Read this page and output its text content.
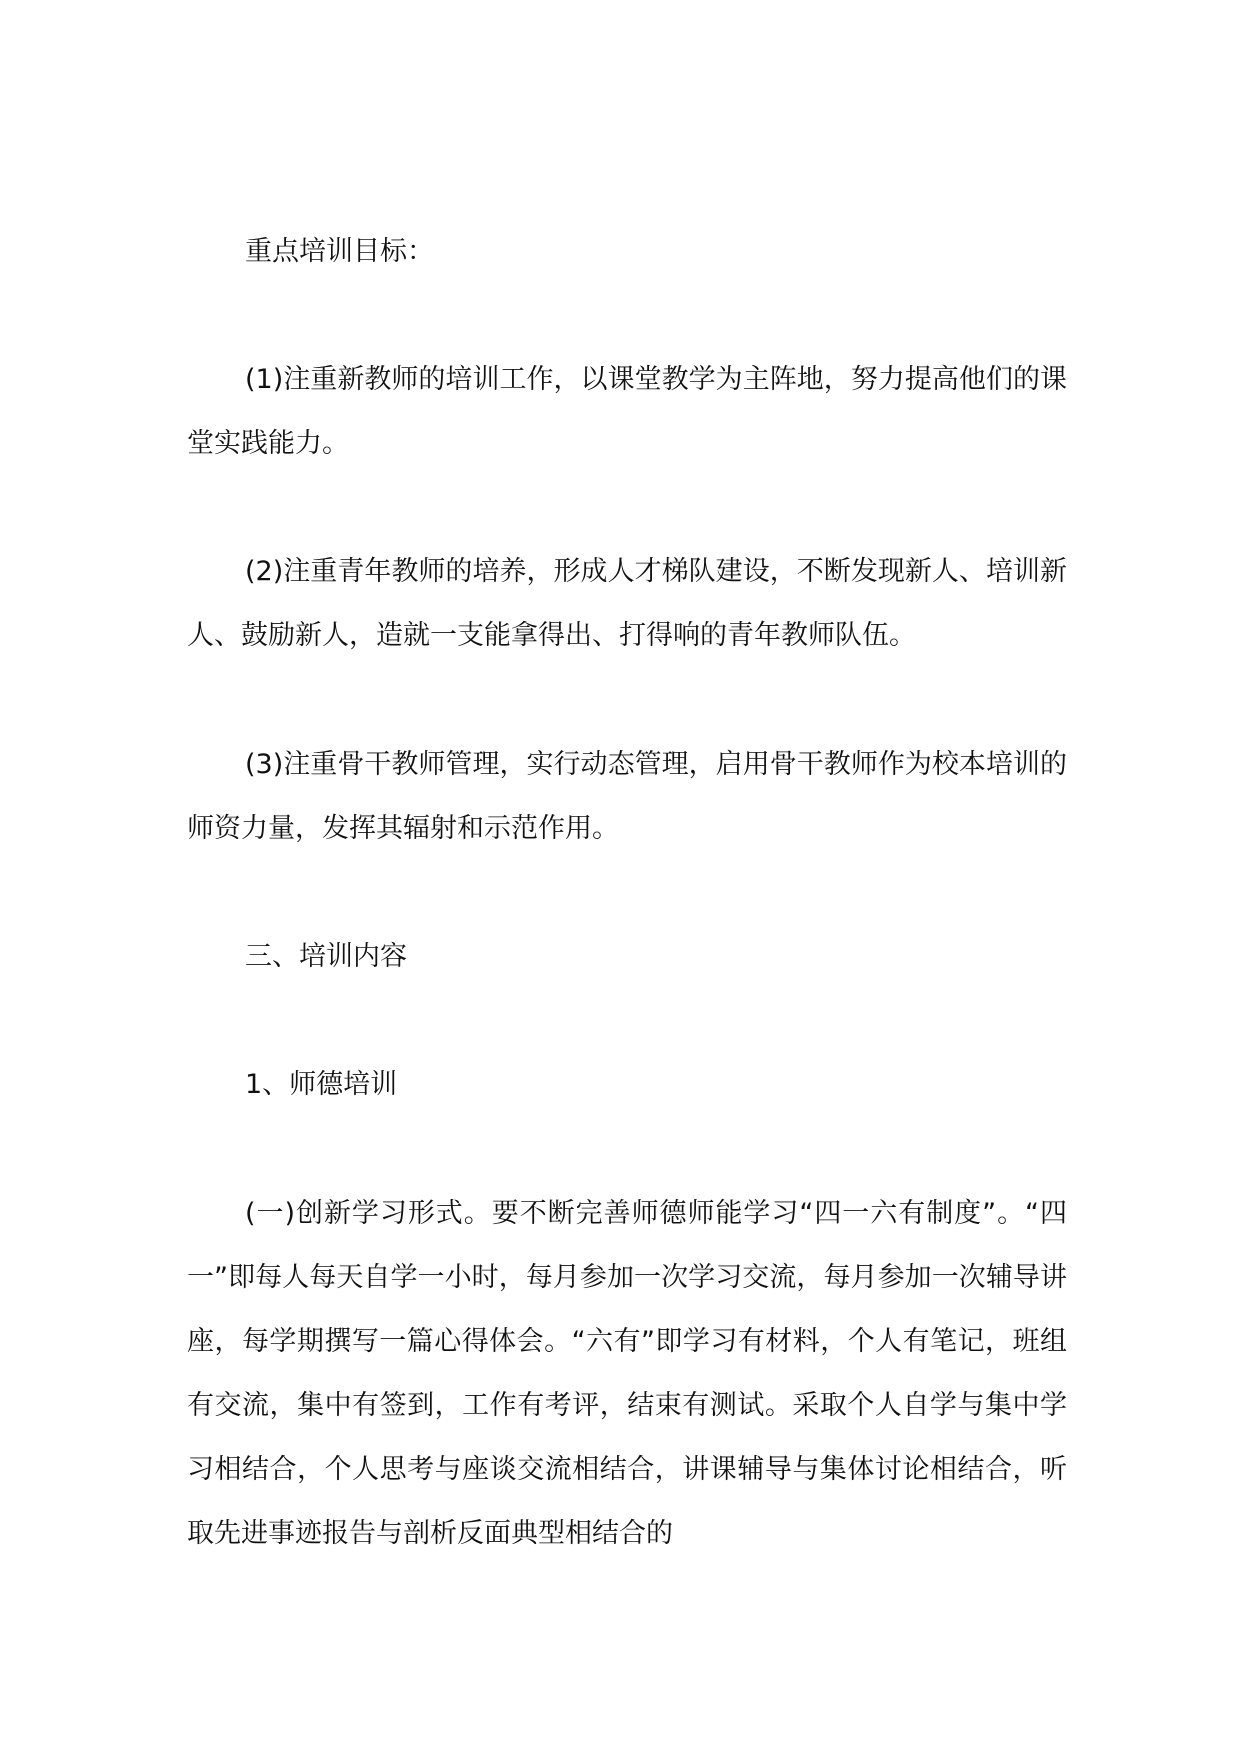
重点培训目标：

(1)注重新教师的培训工作，以课堂教学为主阵地，努力提高他们的课堂实践能力。

(2)注重青年教师的培养，形成人才梯队建设，不断发现新人、培训新人、鼓励新人，造就一支能拿得出、打得响的青年教师队伍。

(3)注重骨干教师管理，实行动态管理，启用骨干教师作为校本培训的师资力量，发挥其辐射和示范作用。

三、培训内容

1、师德培训

(一)创新学习形式。要不断完善师德师能学习“四一六有制度”。“四一”即每人每天自学一小时，每月参加一次学习交流，每月参加一次辅导讲座，每学期撰写一篇心得体会。“六有”即学习有材料，个人有笔记，班组有交流，集中有签到，工作有考评，结束有测试。采取个人自学与集中学习相结合，个人思考与座谈交流相结合，讲课辅导与集体讨论相结合，听取先进事迹报告与剖析反面典型相结合的
